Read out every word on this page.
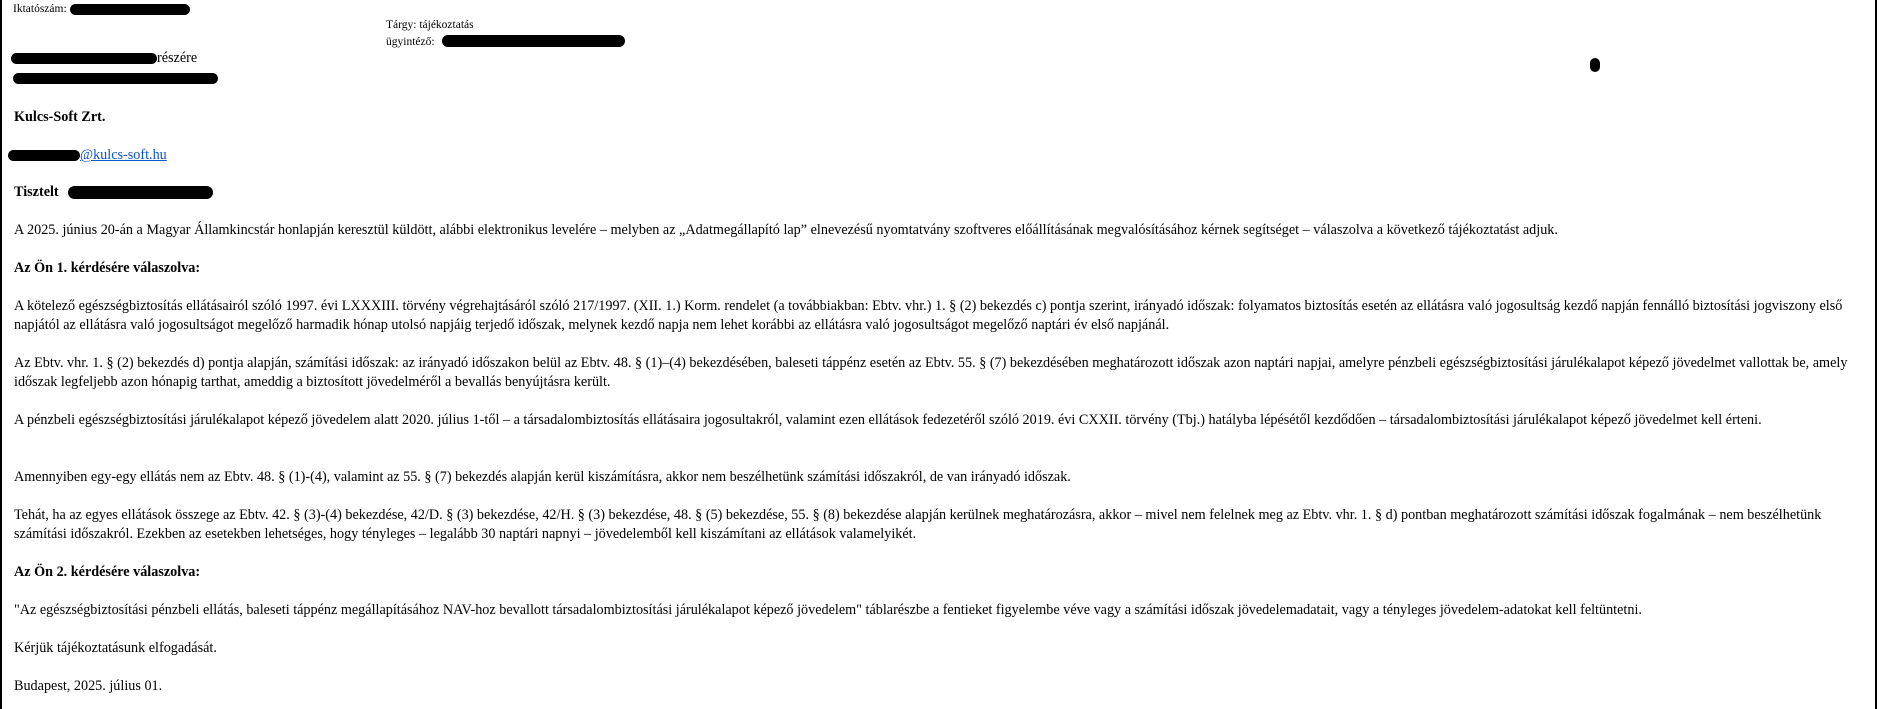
Iktatószám:
Tárgy: tájékoztatás
ügyintéző:
részére
Kulcs-Soft Zrt.
@kulcs-soft.hu
Tisztelt
A 2025. június 20-án a Magyar Államkincstár honlapján keresztül küldött, alábbi elektronikus levelére – melyben az „Adatmegállapító lap” elnevezésű nyomtatvány szoftveres előállításának megvalósításához kérnek segítséget – válaszolva a következő tájékoztatást adjuk.
Az Ön 1. kérdésére válaszolva:
A kötelező egészségbiztosítás ellátásairól szóló 1997. évi LXXXIII. törvény végrehajtásáról szóló 217/1997. (XII. 1.) Korm. rendelet (a továbbiakban: Ebtv. vhr.) 1. § (2) bekezdés c) pontja szerint, irányadó időszak: folyamatos biztosítás esetén az ellátásra való jogosultság kezdő napján fennálló biztosítási jogviszony első napjától az ellátásra való jogosultságot megelőző harmadik hónap utolsó napjáig terjedő időszak, melynek kezdő napja nem lehet korábbi az ellátásra való jogosultságot megelőző naptári év első napjánál.
Az Ebtv. vhr. 1. § (2) bekezdés d) pontja alapján, számítási időszak: az irányadó időszakon belül az Ebtv. 48. § (1)–(4) bekezdésében, baleseti táppénz esetén az Ebtv. 55. § (7) bekezdésében meghatározott időszak azon naptári napjai, amelyre pénzbeli egészségbiztosítási járulékalapot képező jövedelmet vallottak be, amely időszak legfeljebb azon hónapig tarthat, ameddig a biztosított jövedelméről a bevallás benyújtásra került.
A pénzbeli egészségbiztosítási járulékalapot képező jövedelem alatt 2020. július 1-től – a társadalombiztosítás ellátásaira jogosultakról, valamint ezen ellátások fedezetéről szóló 2019. évi CXXII. törvény (Tbj.) hatályba lépésétől kezdődően – társadalombiztosítási járulékalapot képező jövedelmet kell érteni.
Amennyiben egy-egy ellátás nem az Ebtv. 48. § (1)-(4), valamint az 55. § (7) bekezdés alapján kerül kiszámításra, akkor nem beszélhetünk számítási időszakról, de van irányadó időszak.
Tehát, ha az egyes ellátások összege az Ebtv. 42. § (3)-(4) bekezdése, 42/D. § (3) bekezdése, 42/H. § (3) bekezdése, 48. § (5) bekezdése, 55. § (8) bekezdése alapján kerülnek meghatározásra, akkor – mivel nem felelnek meg az Ebtv. vhr. 1. § d) pontban meghatározott számítási időszak fogalmának – nem beszélhetünk számítási időszakról. Ezekben az esetekben lehetséges, hogy tényleges – legalább 30 naptári napnyi – jövedelemből kell kiszámítani az ellátások valamelyikét.
Az Ön 2. kérdésére válaszolva:
"Az egészségbiztosítási pénzbeli ellátás, baleseti táppénz megállapításához NAV-hoz bevallott társadalombiztosítási járulékalapot képező jövedelem" táblarészbe a fentieket figyelembe véve vagy a számítási időszak jövedelemadatait, vagy a tényleges jövedelem-adatokat kell feltüntetni.
Kérjük tájékoztatásunk elfogadását.
Budapest, 2025. július 01.
